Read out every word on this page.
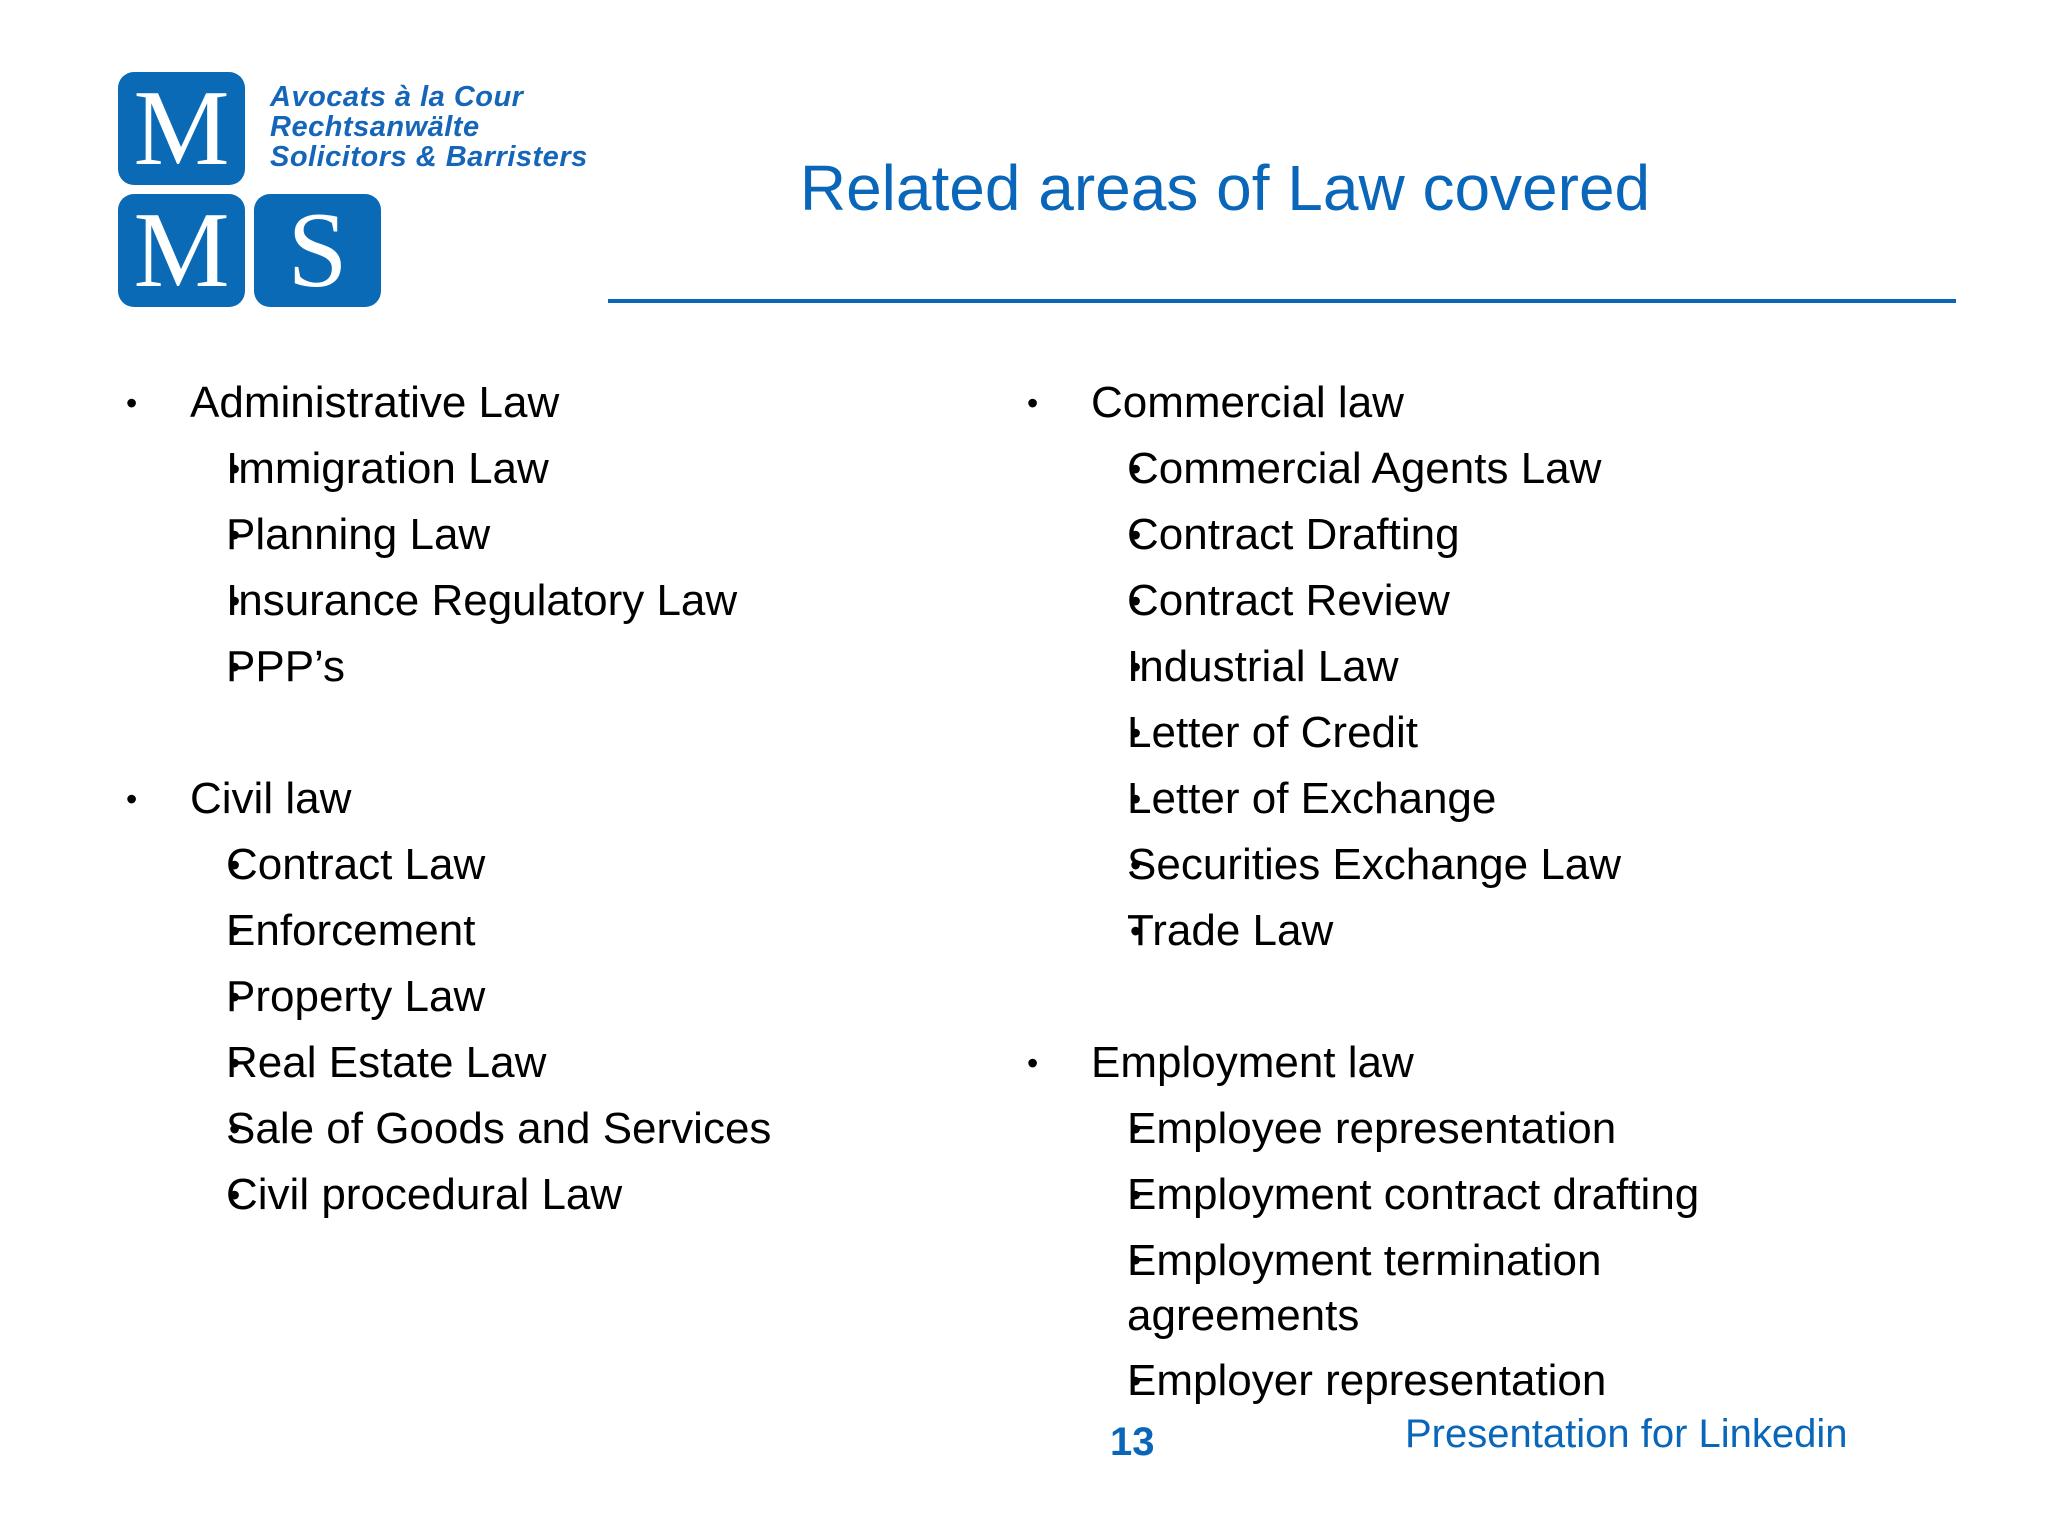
M
M S
Avocats à la Cour
Rechtsanwälte
Solicitors & Barristers	Related areas of Law covered
• Administrative Law
• Immigration Law
• Planning Law
• Insurance Regulatory Law
• PPP’s
• Civil law
• Contract Law
• Enforcement
• Property Law
• Real Estate Law
• Sale of Goods and Services
• Civil procedural Law
• Commercial law
• Commercial Agents Law
• Contract Drafting
• Contract Review
• Industrial Law
• Letter of Credit
• Letter of Exchange
• Securities Exchange Law
• Trade Law
• Employment law
• Employee representation
• Employment contract drafting
• Employment termination agreements
• Employer representation
13	Presentation for Linkedin
